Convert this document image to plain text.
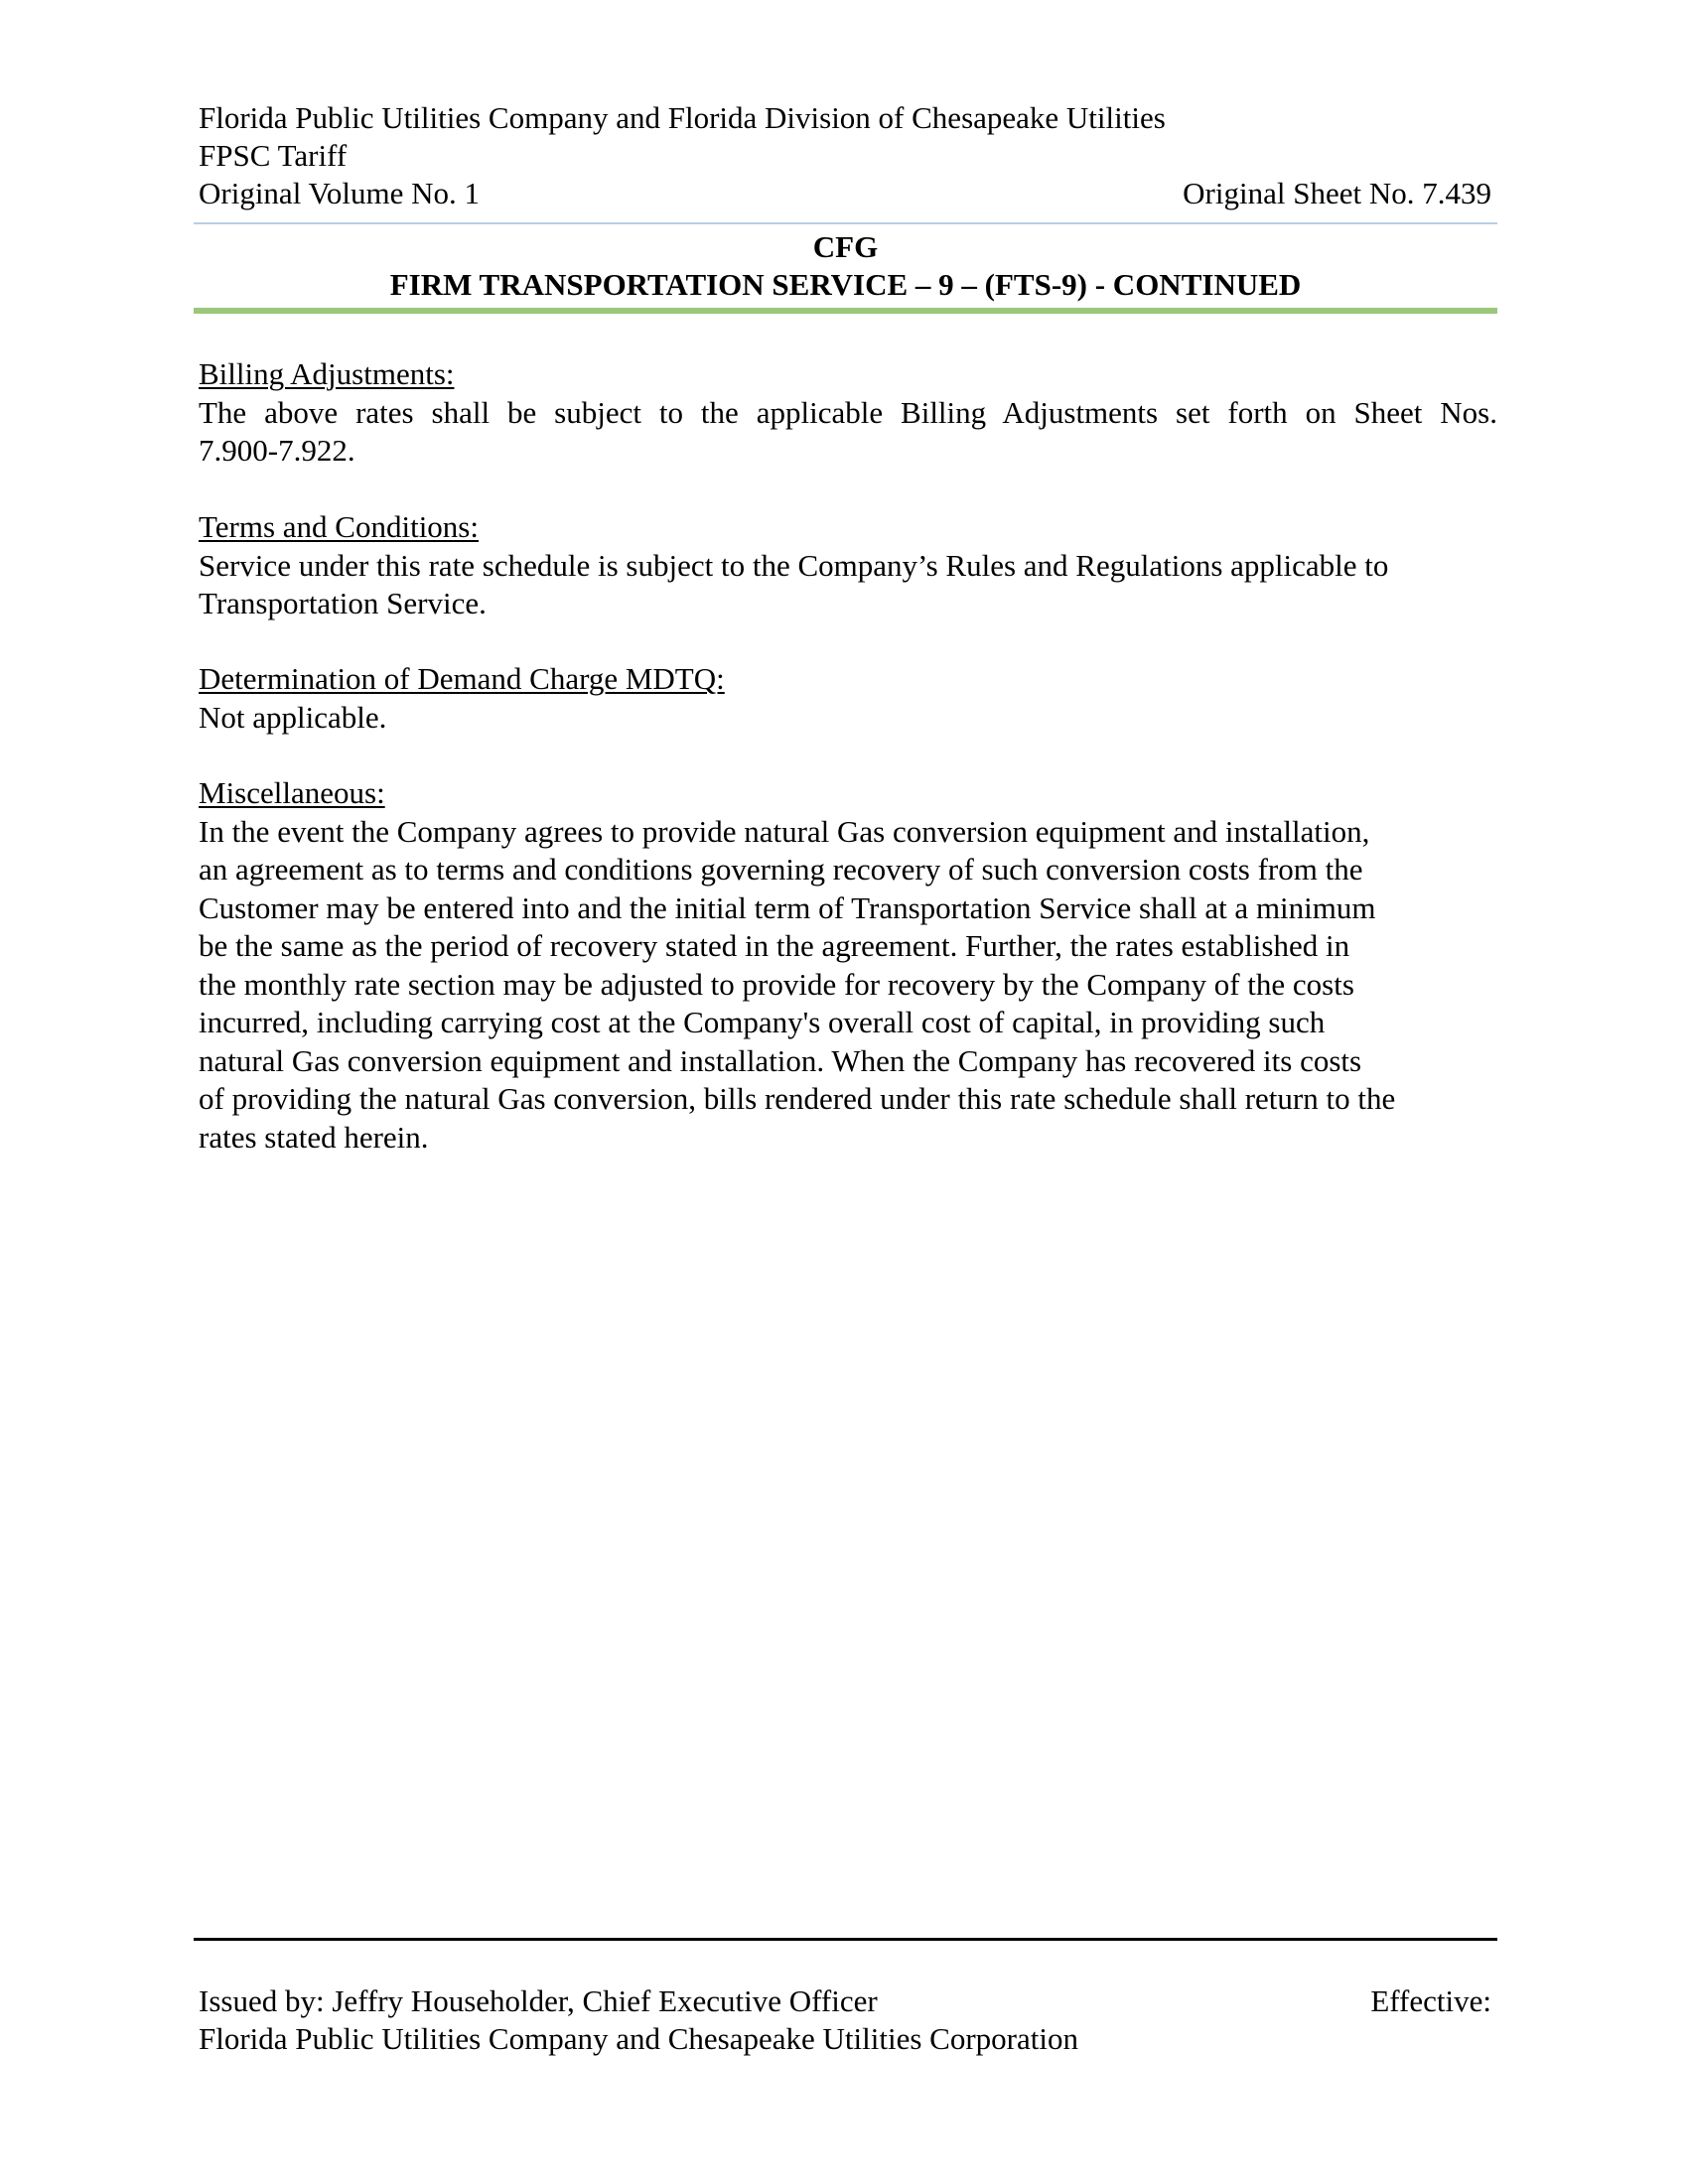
Florida Public Utilities Company and Florida Division of Chesapeake Utilities
FPSC Tariff
Original Volume No. 1	Original Sheet No. 7.439
CFG
FIRM TRANSPORTATION SERVICE – 9 – (FTS-9) - CONTINUED
Billing Adjustments:
The above rates shall be subject to the applicable Billing Adjustments set forth on Sheet Nos.
7.900-7.922.
Terms and Conditions:
Service under this rate schedule is subject to the Company’s Rules and Regulations applicable to
Transportation Service.
Determination of Demand Charge MDTQ:
Not applicable.
Miscellaneous:
In the event the Company agrees to provide natural Gas conversion equipment and installation,
an agreement as to terms and conditions governing recovery of such conversion costs from the
Customer may be entered into and the initial term of Transportation Service shall at a minimum
be the same as the period of recovery stated in the agreement. Further, the rates established in
the monthly rate section may be adjusted to provide for recovery by the Company of the costs
incurred, including carrying cost at the Company's overall cost of capital, in providing such
natural Gas conversion equipment and installation. When the Company has recovered its costs
of providing the natural Gas conversion, bills rendered under this rate schedule shall return to the
rates stated herein.
Issued by: Jeffry Householder, Chief Executive Officer	Effective:
Florida Public Utilities Company and Chesapeake Utilities Corporation
